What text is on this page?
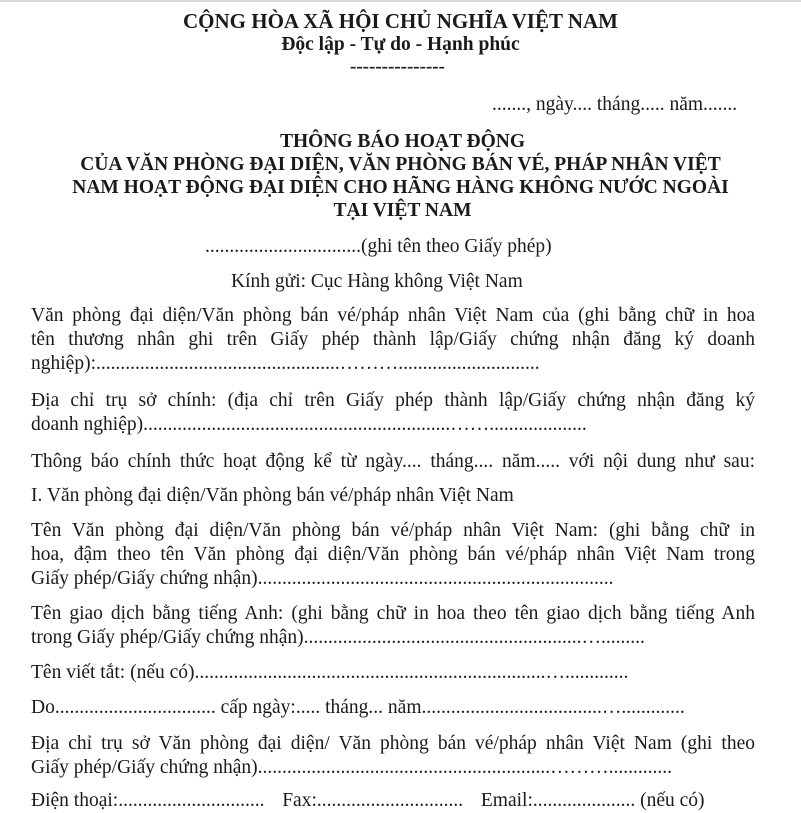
CỘNG HÒA XÃ HỘI CHỦ NGHĨA VIỆT NAM
Độc lập - Tự do - Hạnh phúc
---------------
......., ngày.... tháng..... năm.......
THÔNG BÁO HOẠT ĐỘNG
CỦA VĂN PHÒNG ĐẠI DIỆN, VĂN PHÒNG BÁN VÉ, PHÁP NHÂN VIỆT
NAM HOẠT ĐỘNG ĐẠI DIỆN CHO HÃNG HÀNG KHÔNG NƯỚC NGOÀI
TẠI VIỆT NAM
................................(ghi tên theo Giấy phép)
Kính gửi: Cục Hàng không Việt Nam
Văn phòng đại diện/Văn phòng bán vé/pháp nhân Việt Nam của (ghi bằng chữ in hoa
tên thương nhân ghi trên Giấy phép thành lập/Giấy chứng nhận đăng ký doanh
nghiệp):..................................................……….............................
Địa chỉ trụ sở chính: (địa chỉ trên Giấy phép thành lập/Giấy chứng nhận đăng ký
doanh nghiệp)...............................................................……....................
Thông báo chính thức hoạt động kể từ ngày.... tháng.... năm..... với nội dung như sau:
I. Văn phòng đại diện/Văn phòng bán vé/pháp nhân Việt Nam
Tên Văn phòng đại diện/Văn phòng bán vé/pháp nhân Việt Nam: (ghi bằng chữ in
hoa, đậm theo tên Văn phòng đại diện/Văn phòng bán vé/pháp nhân Việt Nam trong
Giấy phép/Giấy chứng nhận).........................................................................
Tên giao dịch bằng tiếng Anh: (ghi bằng chữ in hoa theo tên giao dịch bằng tiếng Anh
trong Giấy phép/Giấy chứng nhận).........................................................….........
Tên viết tắt: (nếu có)........................................................................….............
Do................................. cấp ngày:..... tháng... năm.....................................….............
Địa chỉ trụ sở Văn phòng đại diện/ Văn phòng bán vé/pháp nhân Việt Nam (ghi theo
Giấy phép/Giấy chứng nhận)............................................................……….............
Điện thoại:.............................. Fax:.............................. Email:..................... (nếu có)
